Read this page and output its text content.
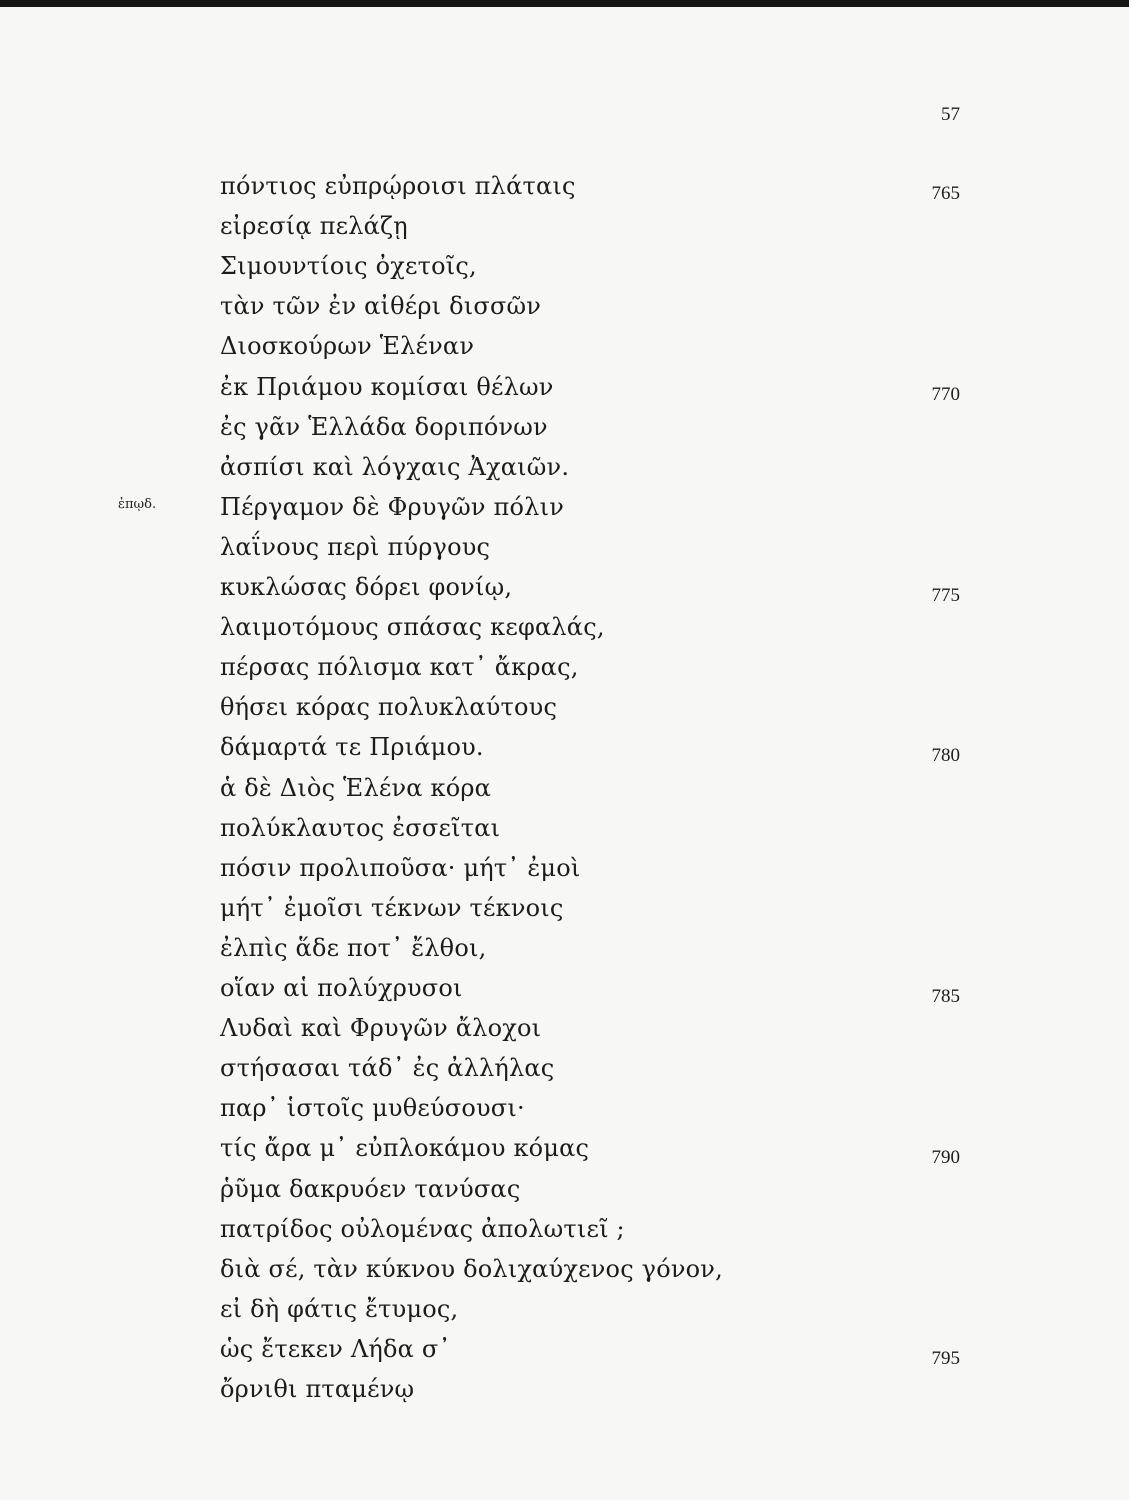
57
ἐπῳδ.
πόντιος εὐπρῴροισι πλάταις
εἰρεσίᾳ πελάζῃ
Σιμουντίοις ὀχετοῖς,
τὰν τῶν ἐν αἰθέρι δισσῶν
Διοσκούρων Ἑλέναν
ἐκ Πριάμου κομίσαι θέλων
ἐς γᾶν Ἑλλάδα δοριπόνων
ἀσπίσι καὶ λόγχαις Ἀχαιῶν.
Πέργαμον δὲ Φρυγῶν πόλιν
λαΐνους περὶ πύργους
κυκλώσας δόρει φονίῳ,
λαιμοτόμους σπάσας κεφαλάς,
πέρσας πόλισμα κατ᾽ ἄκρας,
θήσει κόρας πολυκλαύτους
δάμαρτά τε Πριάμου.
ἁ δὲ Διὸς Ἑλένα κόρα
πολύκλαυτος ἐσσεῖται
πόσιν προλιποῦσα· μήτ᾽ ἐμοὶ
μήτ᾽ ἐμοῖσι τέκνων τέκνοις
ἐλπὶς ἅδε ποτ᾽ ἔλθοι,
οἵαν αἱ πολύχρυσοι
Λυδαὶ καὶ Φρυγῶν ἄλοχοι
στήσασαι τάδ᾽ ἐς ἀλλήλας
παρ᾽ ἱστοῖς μυθεύσουσι·
τίς ἄρα μ᾽ εὐπλοκάμου κόμας
ῥῦμα δακρυόεν τανύσας
πατρίδος οὐλομένας ἀπολωτιεῖ ;
διὰ σέ, τὰν κύκνου δολιχαύχενος γόνον,
εἰ δὴ φάτις ἔτυμος,
ὡς ἔτεκεν Λήδα σ᾽
ὄρνιθι πταμένῳ
765
770
775
780
785
790
795
